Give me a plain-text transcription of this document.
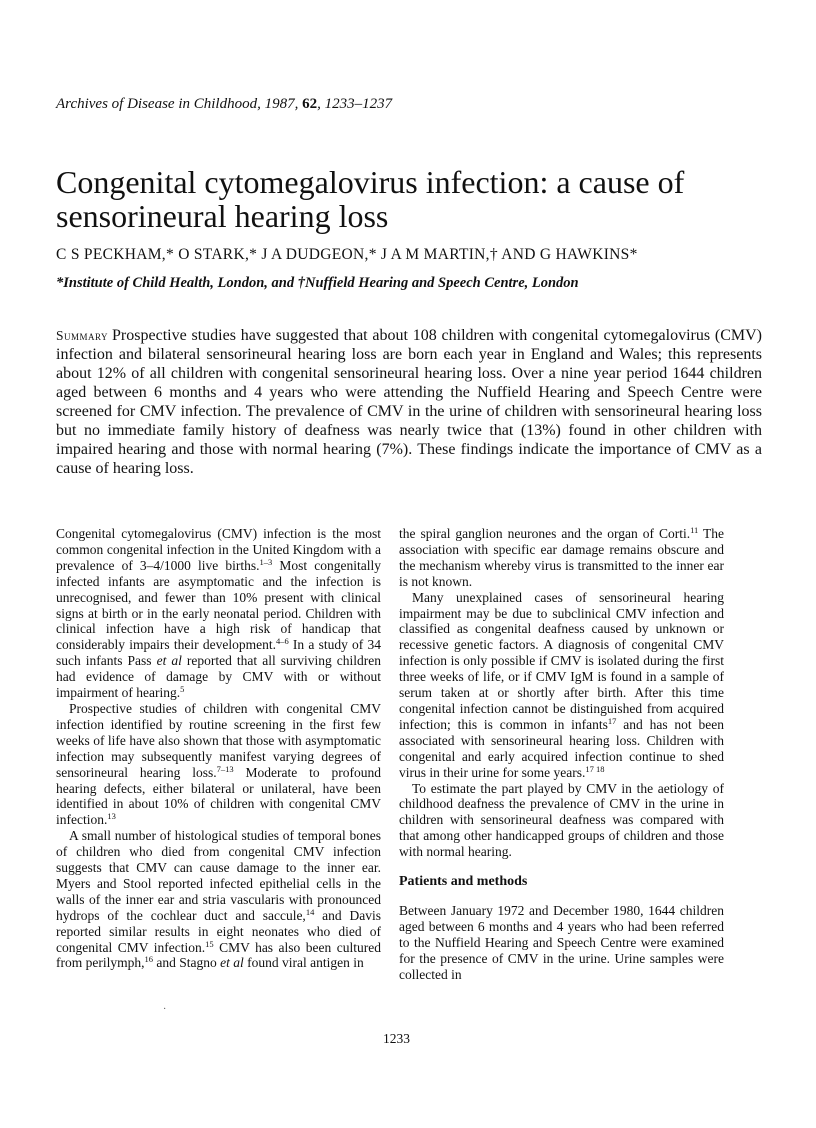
Archives of Disease in Childhood, 1987, 62, 1233–1237
Congenital cytomegalovirus infection: a cause of sensorineural hearing loss
C S PECKHAM,* O STARK,* J A DUDGEON,* J A M MARTIN,† AND G HAWKINS*
*Institute of Child Health, London, and †Nuffield Hearing and Speech Centre, London

Summary Prospective studies have suggested that about 108 children with congenital cytomegalovirus (CMV) infection and bilateral sensorineural hearing loss are born each year in England and Wales; this represents about 12% of all children with congenital sensorineural hearing loss. Over a nine year period 1644 children aged between 6 months and 4 years who were attending the Nuffield Hearing and Speech Centre were screened for CMV infection. The prevalence of CMV in the urine of children with sensorineural hearing loss but no immediate family history of deafness was nearly twice that (13%) found in other children with impaired hearing and those with normal hearing (7%). These findings indicate the importance of CMV as a cause of hearing loss.

Congenital cytomegalovirus (CMV) infection is the most common congenital infection in the United Kingdom with a prevalence of 3–4/1000 live births.$^{1-3}$ Most congenitally infected infants are asymptomatic and the infection is unrecognised, and fewer than 10% present with clinical signs at birth or in the early neonatal period. Children with clinical infection have a high risk of handicap that considerably impairs their development.$^{4-6}$ In a study of 34 such infants Pass et al reported that all surviving children had evidence of damage by CMV with or without impairment of hearing.$^5$

Prospective studies of children with congenital CMV infection identified by routine screening in the first few weeks of life have also shown that those with asymptomatic infection may subsequently manifest varying degrees of sensorineural hearing loss.$^{7-13}$ Moderate to profound hearing defects, either bilateral or unilateral, have been identified in about 10% of children with congenital CMV infection.$^{13}$

A small number of histological studies of temporal bones of children who died from congenital CMV infection suggests that CMV can cause damage to the inner ear. Myers and Stool reported infected epithelial cells in the walls of the inner ear and stria vascularis with pronounced hydrops of the cochlear duct and saccule,$^{14}$ and Davis reported similar results in eight neonates who died of congenital CMV infection.$^{15}$ CMV has also been cultured from perilymph,$^{16}$ and Stagno et al found viral antigen in

the spiral ganglion neurones and the organ of Corti.$^{11}$ The association with specific ear damage remains obscure and the mechanism whereby virus is transmitted to the inner ear is not known.

Many unexplained cases of sensorineural hearing impairment may be due to subclinical CMV infection and classified as congenital deafness caused by unknown or recessive genetic factors. A diagnosis of congenital CMV infection is only possible if CMV is isolated during the first three weeks of life, or if CMV IgM is found in a sample of serum taken at or shortly after birth. After this time congenital infection cannot be distinguished from acquired infection; this is common in infants$^{17}$ and has not been associated with sensorineural hearing loss. Children with congenital and early acquired infection continue to shed virus in their urine for some years.$^{17 18}$

To estimate the part played by CMV in the aetiology of childhood deafness the prevalence of CMV in the urine in children with sensorineural deafness was compared with that among other handicapped groups of children and those with normal hearing.

Patients and methods

Between January 1972 and December 1980, 1644 children aged between 6 months and 4 years who had been referred to the Nuffield Hearing and Speech Centre were examined for the presence of CMV in the urine. Urine samples were collected in

·
1233
